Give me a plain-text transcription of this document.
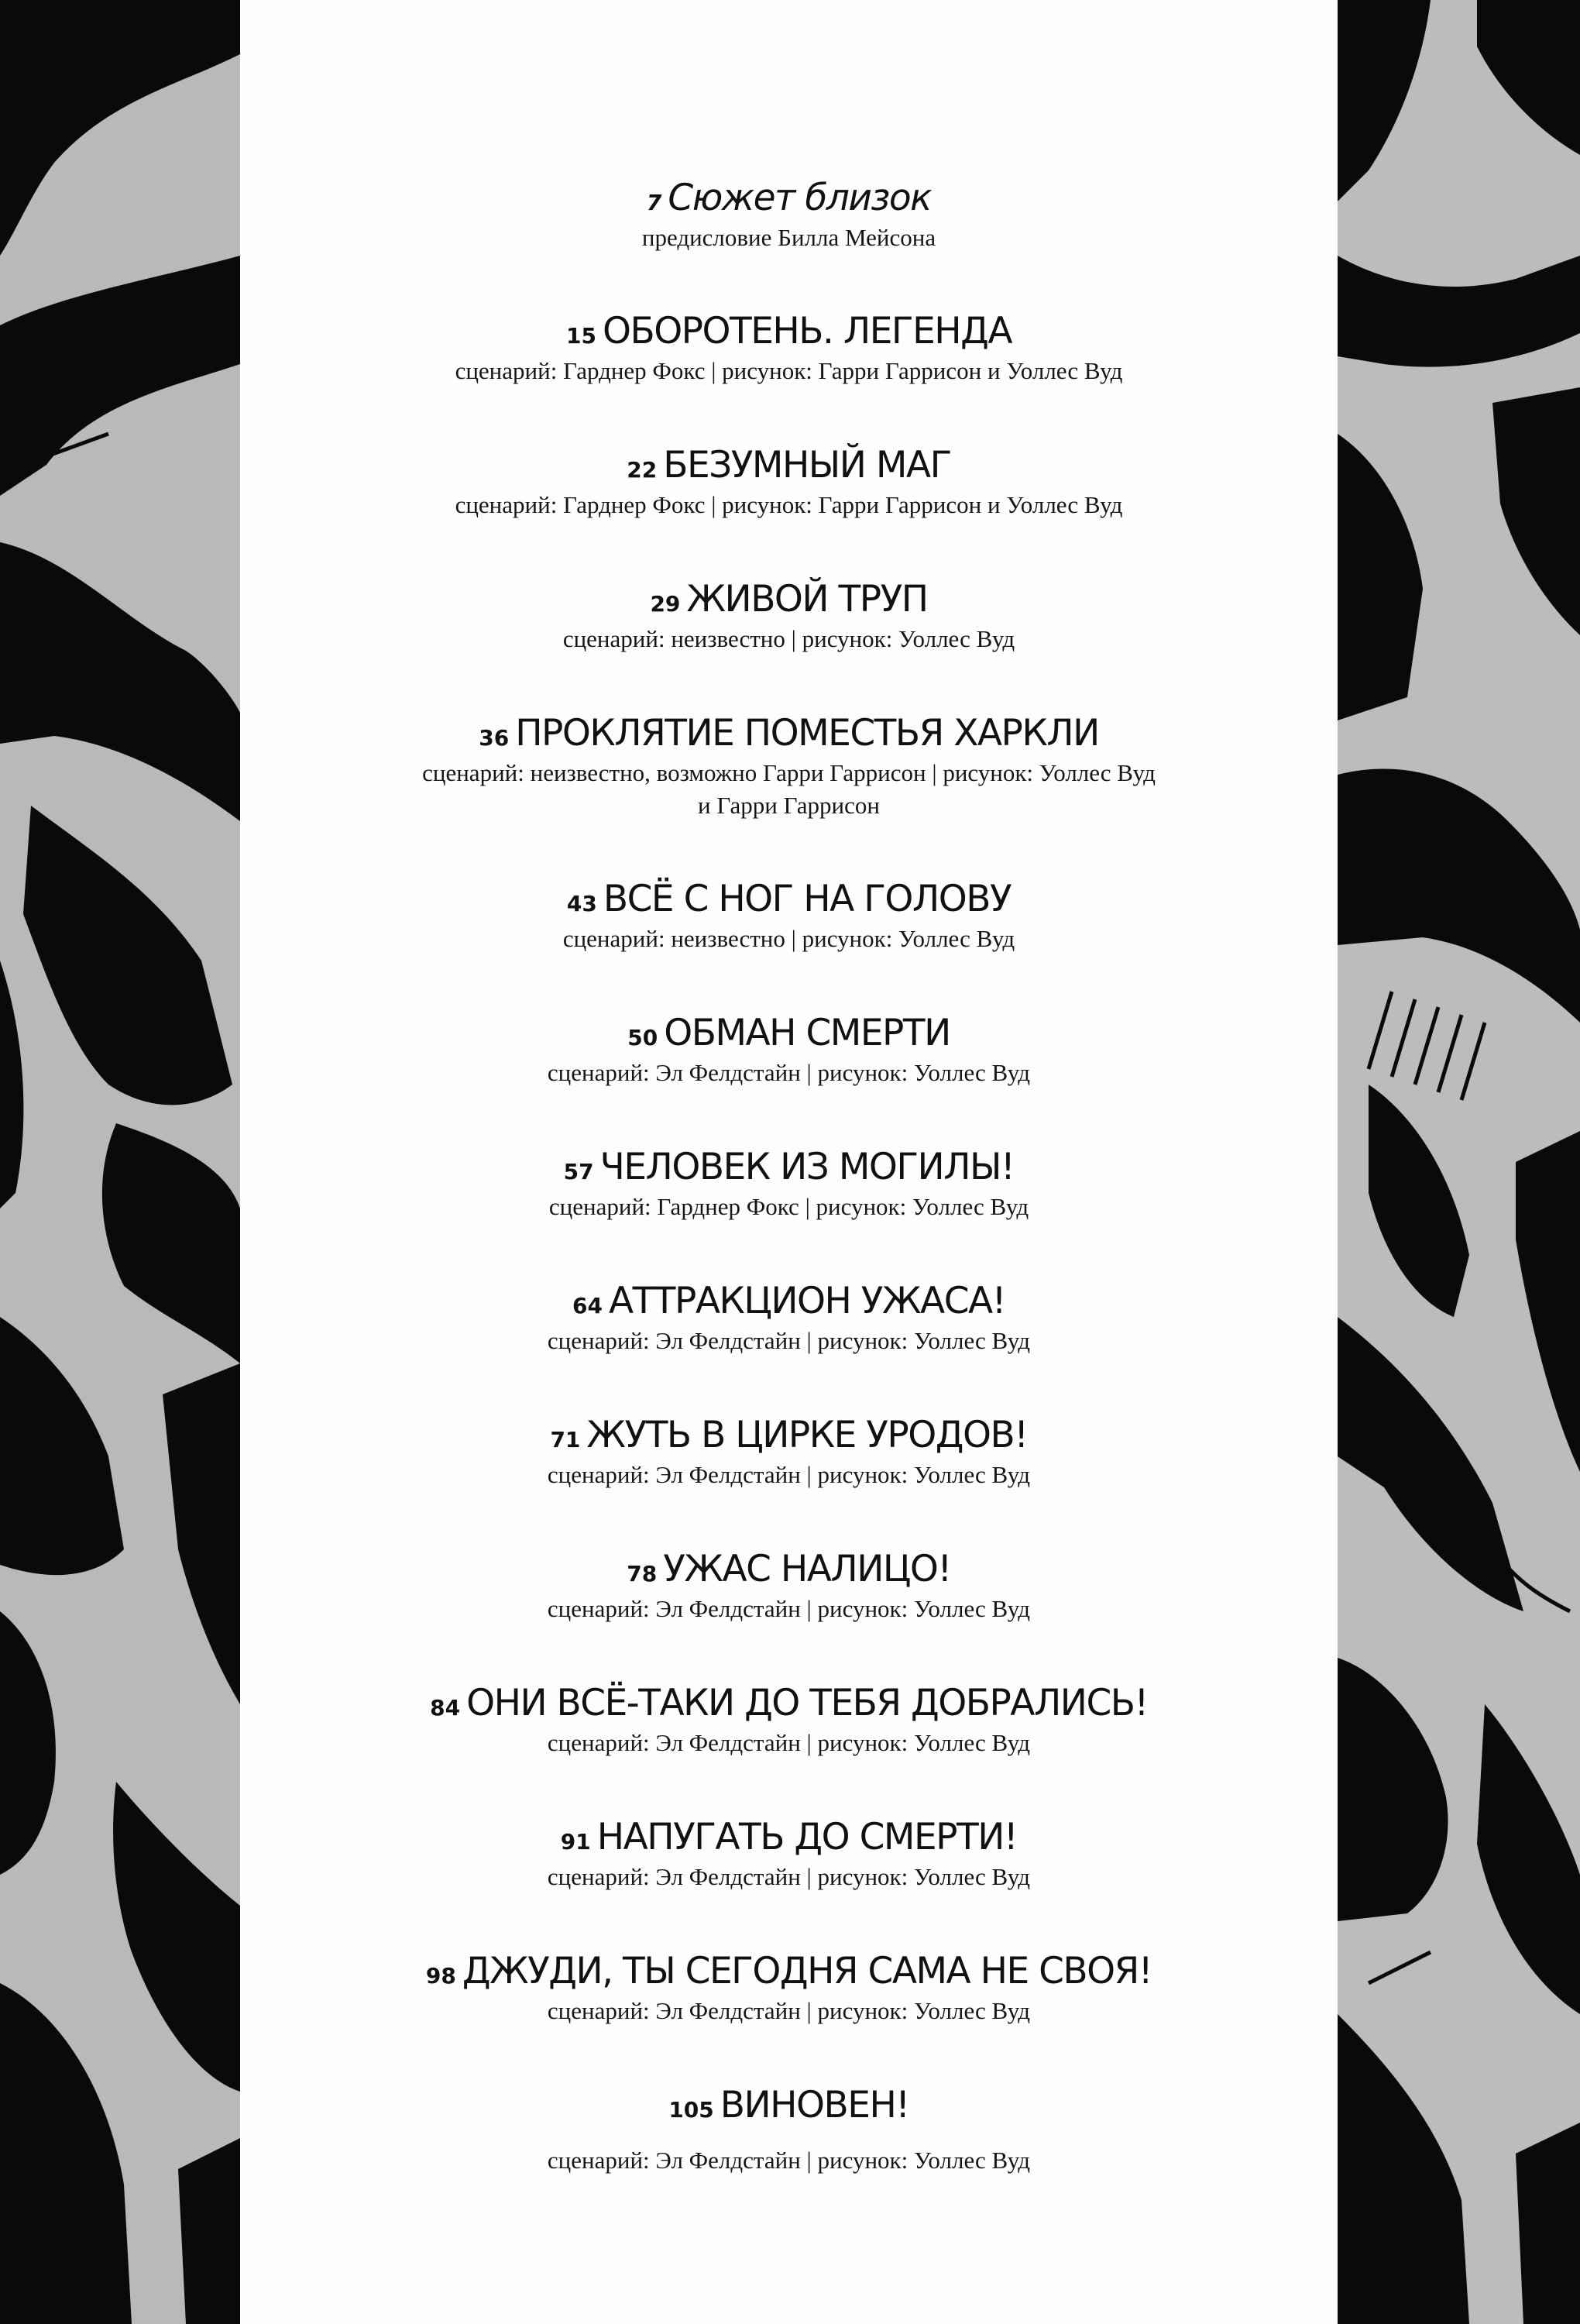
7 Сюжет близок
предисловие Билла Мейсона
15 ОБОРОТЕНЬ. ЛЕГЕНДА
сценарий: Гарднер Фокс | рисунок: Гарри Гаррисон и Уоллес Вуд
22 БЕЗУМНЫЙ МАГ
сценарий: Гарднер Фокс | рисунок: Гарри Гаррисон и Уоллес Вуд
29 ЖИВОЙ ТРУП
сценарий: неизвестно | рисунок: Уоллес Вуд
36 ПРОКЛЯТИЕ ПОМЕСТЬЯ ХАРКЛИ
сценарий: неизвестно, возможно Гарри Гаррисон | рисунок: Уоллес Вуд
и Гарри Гаррисон
43 ВСЁ С НОГ НА ГОЛОВУ
сценарий: неизвестно | рисунок: Уоллес Вуд
50 ОБМАН СМЕРТИ
сценарий: Эл Фелдстайн | рисунок: Уоллес Вуд
57 ЧЕЛОВЕК ИЗ МОГИЛЫ!
сценарий: Гарднер Фокс | рисунок: Уоллес Вуд
64 АТТРАКЦИОН УЖАСА!
сценарий: Эл Фелдстайн | рисунок: Уоллес Вуд
71 ЖУТЬ В ЦИРКЕ УРОДОВ!
сценарий: Эл Фелдстайн | рисунок: Уоллес Вуд
78 УЖАС НАЛИЦО!
сценарий: Эл Фелдстайн | рисунок: Уоллес Вуд
84 ОНИ ВСЁ-ТАКИ ДО ТЕБЯ ДОБРАЛИСЬ!
сценарий: Эл Фелдстайн | рисунок: Уоллес Вуд
91 НАПУГАТЬ ДО СМЕРТИ!
сценарий: Эл Фелдстайн | рисунок: Уоллес Вуд
98 ДЖУДИ, ТЫ СЕГОДНЯ САМА НЕ СВОЯ!
сценарий: Эл Фелдстайн | рисунок: Уоллес Вуд
105 ВИНОВЕН!
сценарий: Эл Фелдстайн | рисунок: Уоллес Вуд
